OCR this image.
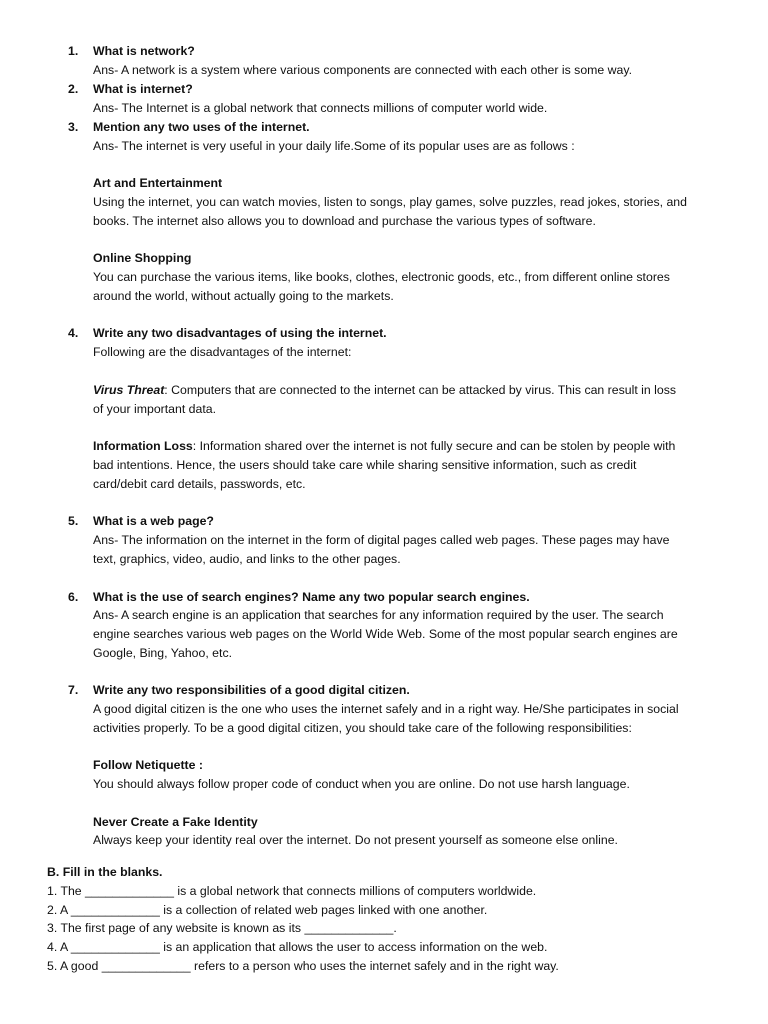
1. What is network?
Ans- A network is a system where various components are connected with each other is some way.
2. What is internet?
Ans- The Internet is a global network that connects millions of computer world wide.
3. Mention any two uses of the internet.
Ans- The internet is very useful in your daily life.Some of its popular uses are as follows :
Art and Entertainment
Using the internet, you can watch movies, listen to songs, play games, solve puzzles, read jokes, stories, and
books. The internet also allows you to download and purchase the various types of software.
Online Shopping
You can purchase the various items, like books, clothes, electronic goods, etc., from different online stores
around the world, without actually going to the markets.
4. Write any two disadvantages of using the internet.
Following are the disadvantages of the internet:
Virus Threat: Computers that are connected to the internet can be attacked by virus. This can result in loss
of your important data.
Information Loss: Information shared over the internet is not fully secure and can be stolen by people with
bad intentions. Hence, the users should take care while sharing sensitive information, such as credit
card/debit card details, passwords, etc.
5. What is a web page?
Ans- The information on the internet in the form of digital pages called web pages. These pages may have
text, graphics, video, audio, and links to the other pages.
6. What is the use of search engines? Name any two popular search engines.
Ans- A search engine is an application that searches for any information required by the user. The search
engine searches various web pages on the World Wide Web. Some of the most popular search engines are
Google, Bing, Yahoo, etc.
7. Write any two responsibilities of a good digital citizen.
A good digital citizen is the one who uses the internet safely and in a right way. He/She participates in social
activities properly. To be a good digital citizen, you should take care of the following responsibilities:
Follow Netiquette :
You should always follow proper code of conduct when you are online. Do not use harsh language.
Never Create a Fake Identity
Always keep your identity real over the internet. Do not present yourself as someone else online.
B. Fill in the blanks.
1. The _____________ is a global network that connects millions of computers worldwide.
2. A _____________ is a collection of related web pages linked with one another.
3. The first page of any website is known as its _____________.
4. A _____________ is an application that allows the user to access information on the web.
5. A good _____________ refers to a person who uses the internet safely and in the right way.
